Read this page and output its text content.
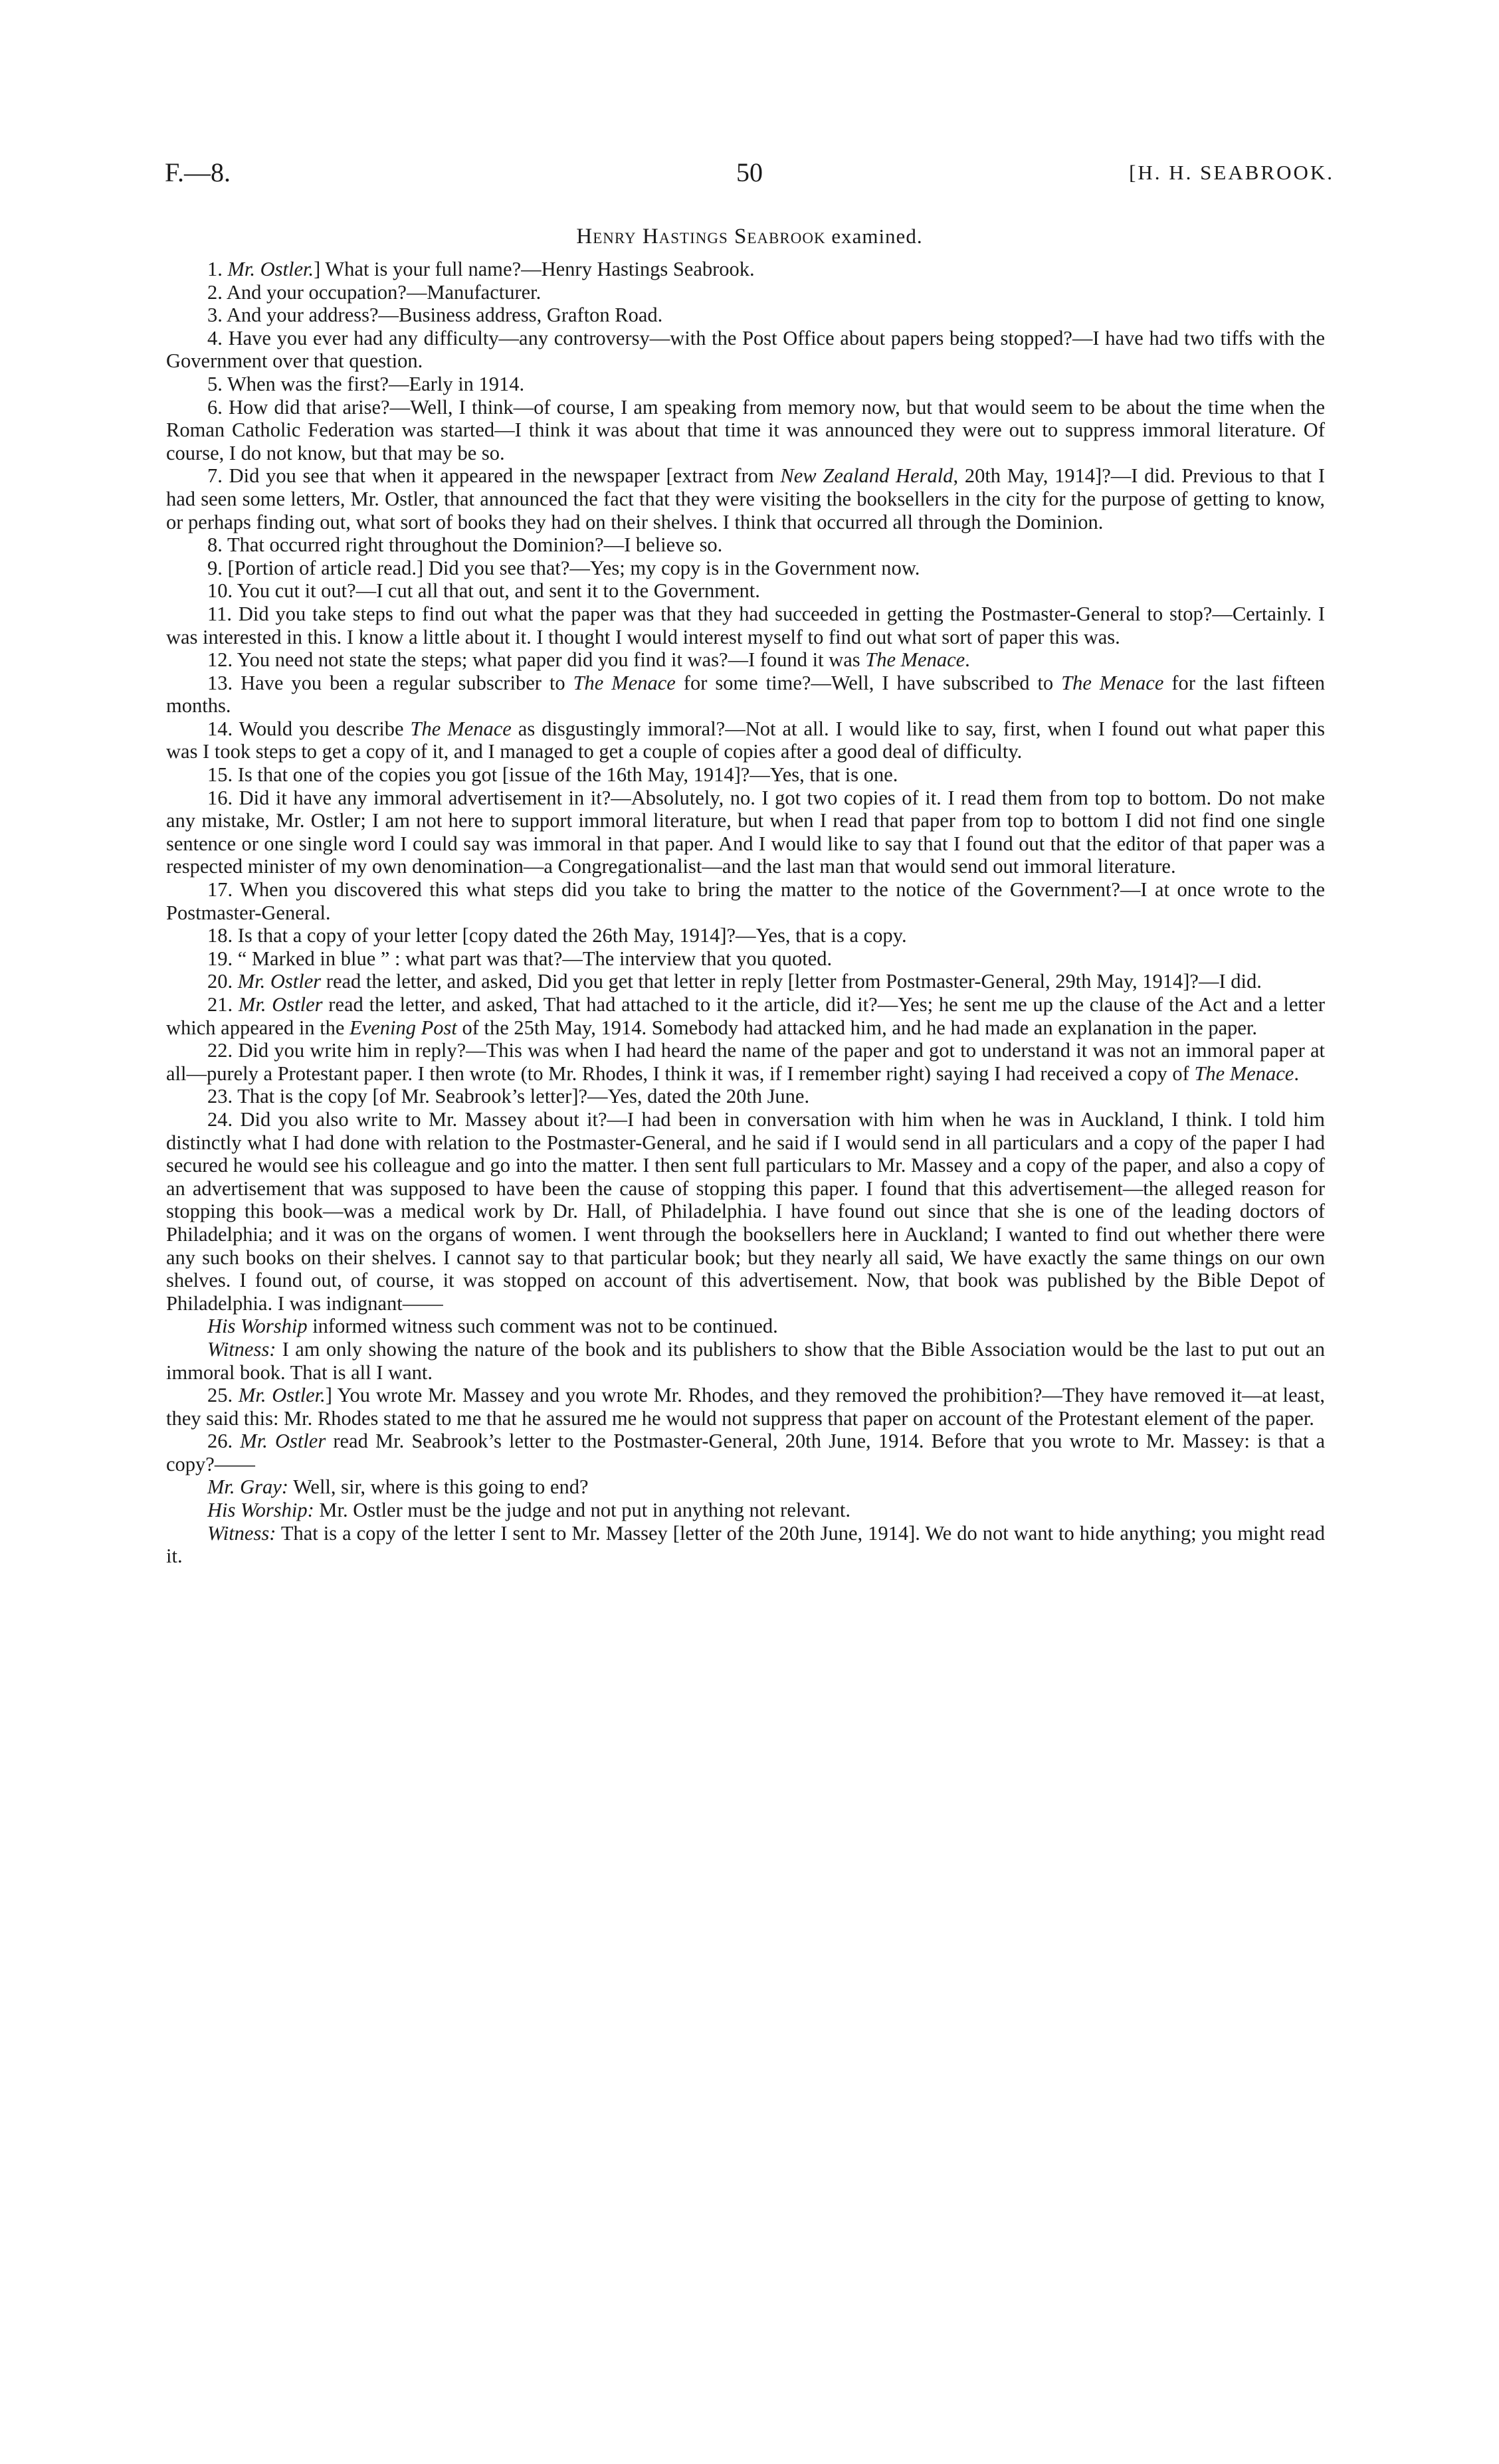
F.—8.	50	[H. H. SEABROOK.
Henry Hastings Seabrook examined.

1. Mr. Ostler.] What is your full name?—Henry Hastings Seabrook.

2. And your occupation?—Manufacturer.

3. And your address?—Business address, Grafton Road.

4. Have you ever had any difficulty—any controversy—with the Post Office about papers being stopped?—I have had two tiffs with the Government over that question.

5. When was the first?—Early in 1914.

6. How did that arise?—Well, I think—of course, I am speaking from memory now, but that would seem to be about the time when the Roman Catholic Federation was started—I think it was about that time it was announced they were out to suppress immoral literature. Of course, I do not know, but that may be so.

7. Did you see that when it appeared in the newspaper [extract from New Zealand Herald, 20th May, 1914]?—I did. Previous to that I had seen some letters, Mr. Ostler, that announced the fact that they were visiting the booksellers in the city for the purpose of getting to know, or perhaps finding out, what sort of books they had on their shelves. I think that occurred all through the Dominion.

8. That occurred right throughout the Dominion?—I believe so.

9. [Portion of article read.] Did you see that?—Yes; my copy is in the Government now.

10. You cut it out?—I cut all that out, and sent it to the Government.

11. Did you take steps to find out what the paper was that they had succeeded in getting the Postmaster-General to stop?—Certainly. I was interested in this. I know a little about it. I thought I would interest myself to find out what sort of paper this was.

12. You need not state the steps; what paper did you find it was?—I found it was The Menace.

13. Have you been a regular subscriber to The Menace for some time?—Well, I have subscribed to The Menace for the last fifteen months.

14. Would you describe The Menace as disgustingly immoral?—Not at all. I would like to say, first, when I found out what paper this was I took steps to get a copy of it, and I managed to get a couple of copies after a good deal of difficulty.

15. Is that one of the copies you got [issue of the 16th May, 1914]?—Yes, that is one.

16. Did it have any immoral advertisement in it?—Absolutely, no. I got two copies of it. I read them from top to bottom. Do not make any mistake, Mr. Ostler; I am not here to support immoral literature, but when I read that paper from top to bottom I did not find one single sentence or one single word I could say was immoral in that paper. And I would like to say that I found out that the editor of that paper was a respected minister of my own denomination—a Congregationalist—and the last man that would send out immoral literature.

17. When you discovered this what steps did you take to bring the matter to the notice of the Government?—I at once wrote to the Postmaster-General.

18. Is that a copy of your letter [copy dated the 26th May, 1914]?—Yes, that is a copy.

19. “ Marked in blue ” : what part was that?—The interview that you quoted.

20. Mr. Ostler read the letter, and asked, Did you get that letter in reply [letter from Postmaster-General, 29th May, 1914]?—I did.

21. Mr. Ostler read the letter, and asked, That had attached to it the article, did it?—Yes; he sent me up the clause of the Act and a letter which appeared in the Evening Post of the 25th May, 1914. Somebody had attacked him, and he had made an explanation in the paper.

22. Did you write him in reply?—This was when I had heard the name of the paper and got to understand it was not an immoral paper at all—purely a Protestant paper. I then wrote (to Mr. Rhodes, I think it was, if I remember right) saying I had received a copy of The Menace.

23. That is the copy [of Mr. Seabrook’s letter]?—Yes, dated the 20th June.

24. Did you also write to Mr. Massey about it?—I had been in conversation with him when he was in Auckland, I think. I told him distinctly what I had done with relation to the Postmaster-General, and he said if I would send in all particulars and a copy of the paper I had secured he would see his colleague and go into the matter. I then sent full particulars to Mr. Massey and a copy of the paper, and also a copy of an advertisement that was supposed to have been the cause of stopping this paper. I found that this advertisement—the alleged reason for stopping this book—was a medical work by Dr. Hall, of Philadelphia. I have found out since that she is one of the leading doctors of Philadelphia; and it was on the organs of women. I went through the booksellers here in Auckland; I wanted to find out whether there were any such books on their shelves. I cannot say to that particular book; but they nearly all said, We have exactly the same things on our own shelves. I found out, of course, it was stopped on account of this advertisement. Now, that book was published by the Bible Depot of Philadelphia. I was indignant——

His Worship informed witness such comment was not to be continued.

Witness: I am only showing the nature of the book and its publishers to show that the Bible Association would be the last to put out an immoral book. That is all I want.

25. Mr. Ostler.] You wrote Mr. Massey and you wrote Mr. Rhodes, and they removed the prohibition?—They have removed it—at least, they said this: Mr. Rhodes stated to me that he assured me he would not suppress that paper on account of the Protestant element of the paper.

26. Mr. Ostler read Mr. Seabrook’s letter to the Postmaster-General, 20th June, 1914. Before that you wrote to Mr. Massey: is that a copy?——

Mr. Gray: Well, sir, where is this going to end?

His Worship: Mr. Ostler must be the judge and not put in anything not relevant.

Witness: That is a copy of the letter I sent to Mr. Massey [letter of the 20th June, 1914]. We do not want to hide anything; you might read it.
